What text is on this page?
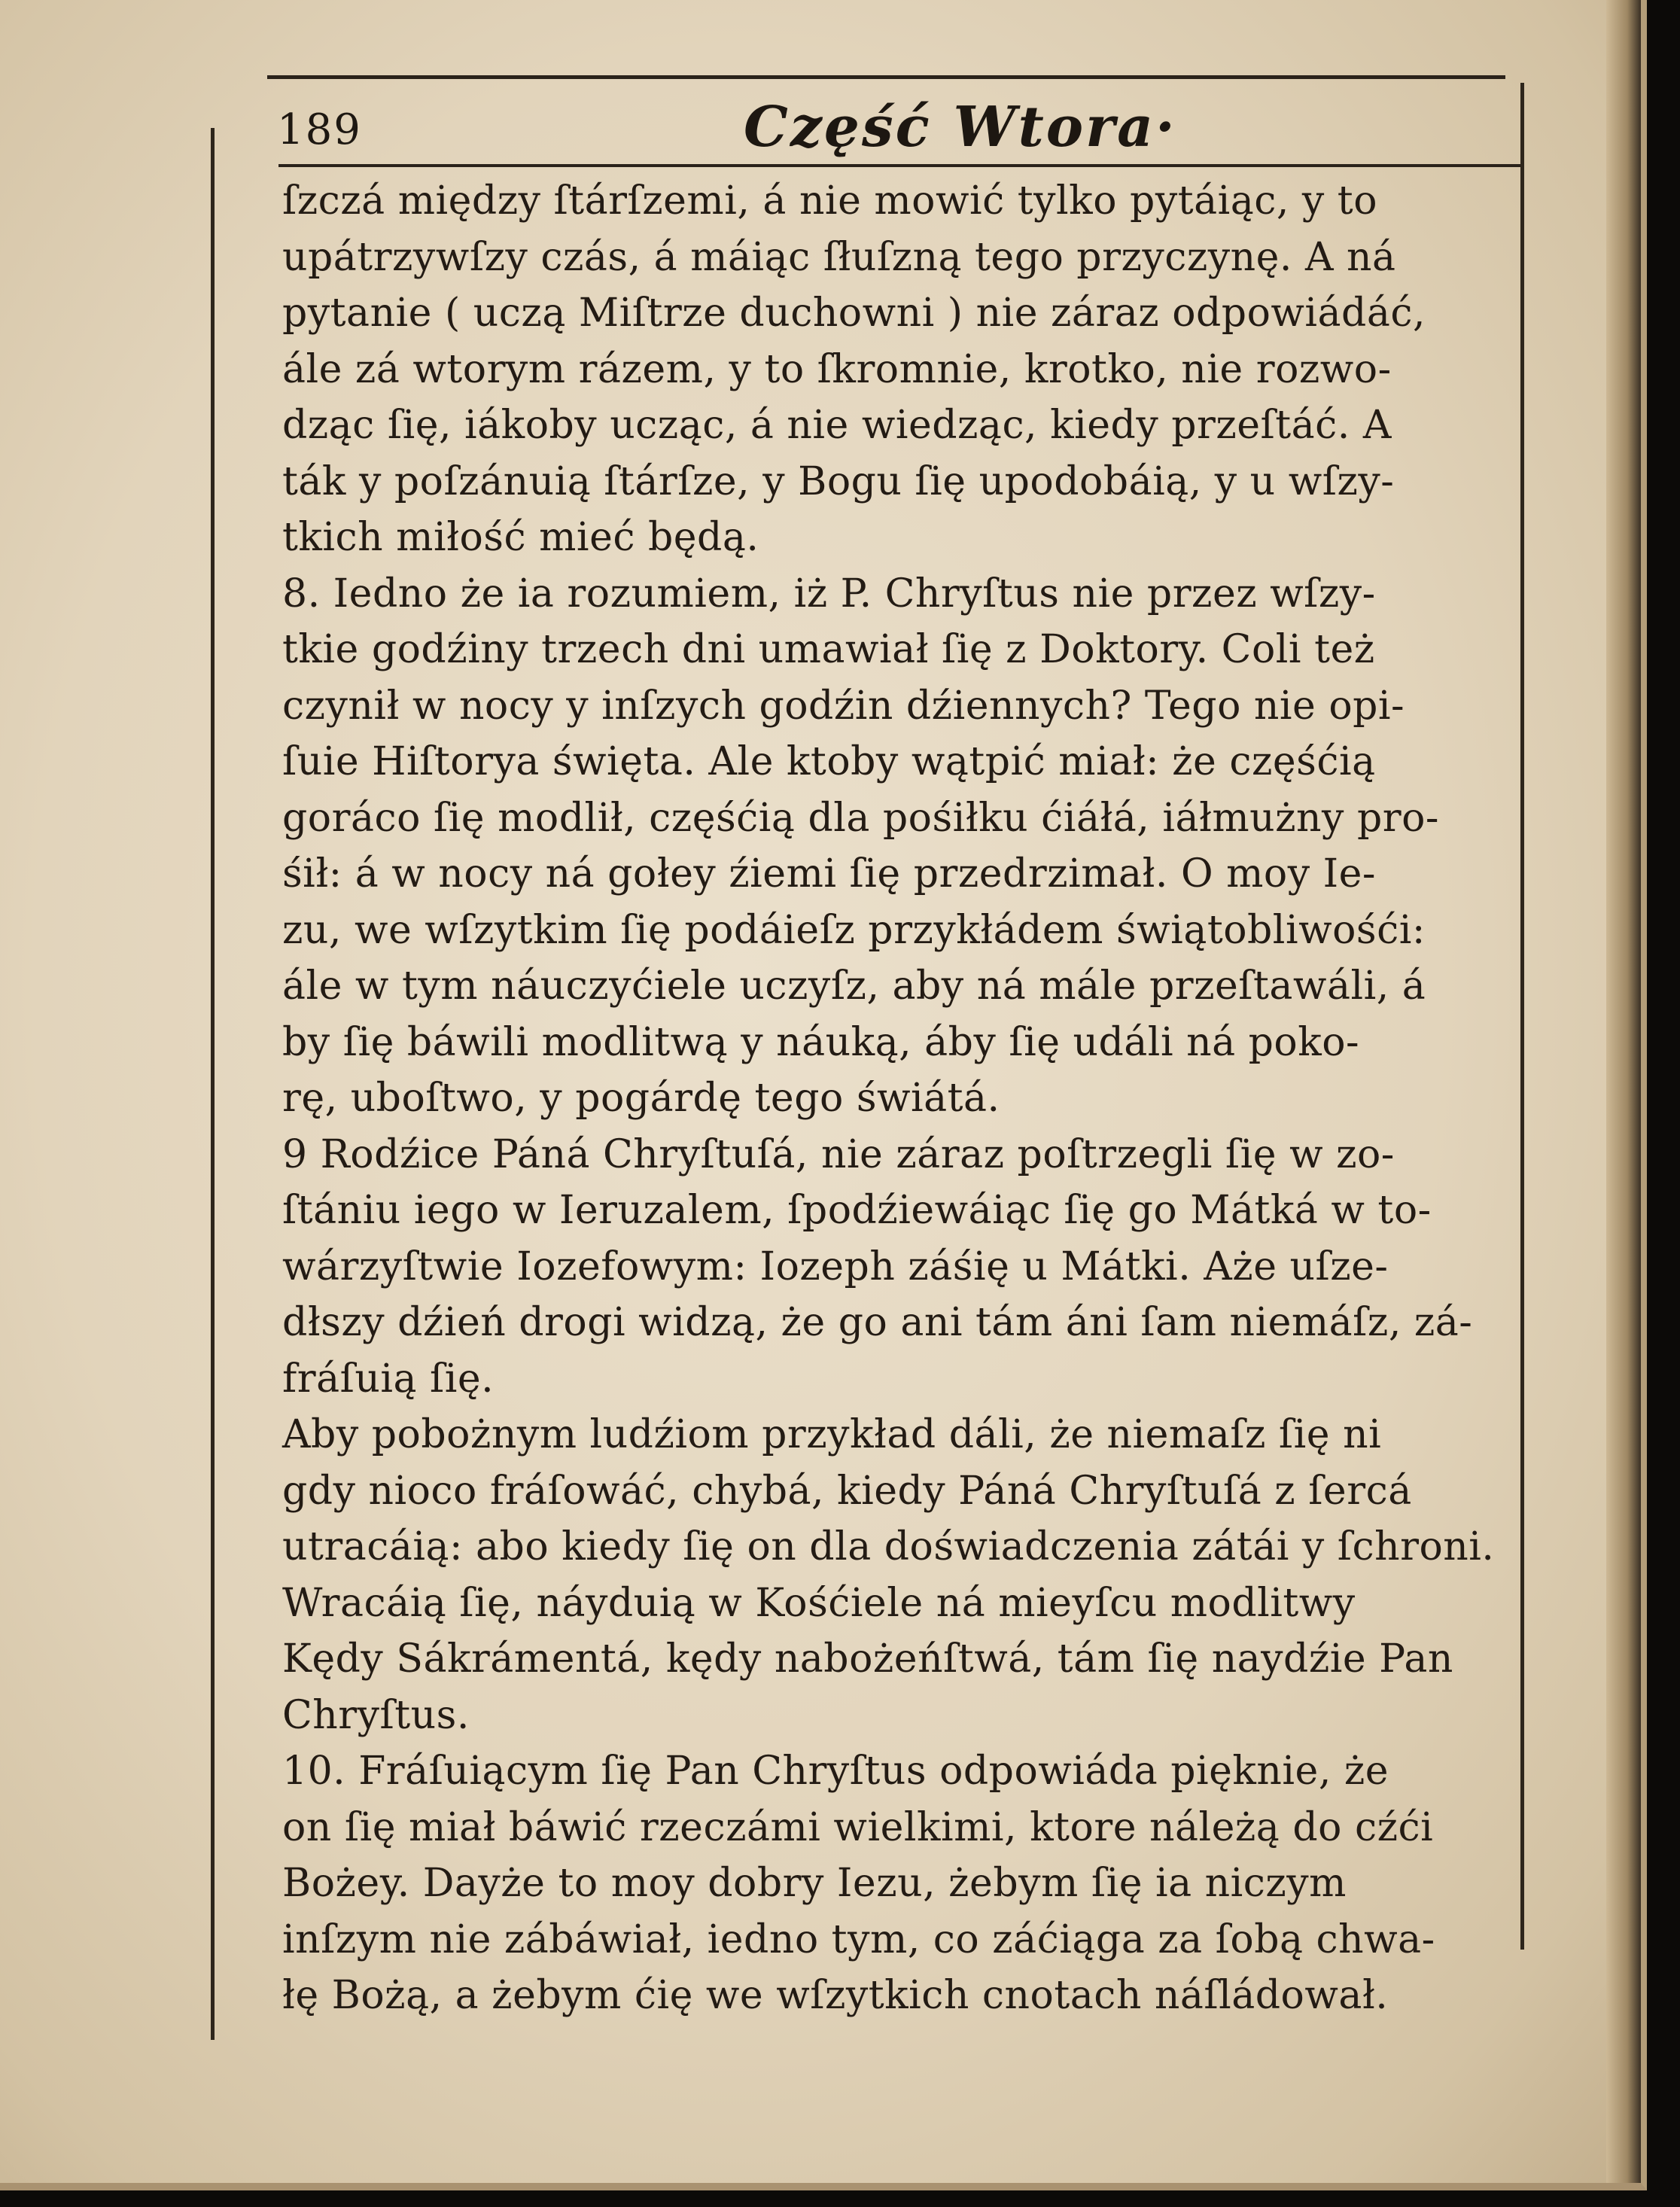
189	Część Wtora·
ſzczá między ſtárſzemi, á nie mowić tylko pytáiąc, y to
upátrzywſzy czás, á máiąc ſłuſzną tego przyczynę. A ná
pytanie ( uczą Miſtrze duchowni ) nie záraz odpowiádáć,
ále zá wtorym rázem, y to ſkromnie, krotko, nie rozwo-
dząc ſię, iákoby ucząc, á nie wiedząc, kiedy przeſtáć. A
ták y poſzánuią ſtárſze, y Bogu ſię upodobáią, y u wſzy-
tkich miłość mieć będą.
8. Iedno że ia rozumiem, iż P. Chryſtus nie przez wſzy-
tkie godźiny trzech dni umawiał ſię z Doktory. Coli też
czynił w nocy y inſzych godźin dźiennych? Tego nie opi-
ſuie Hiſtorya święta. Ale ktoby wątpić miał: że częśćią
goráco ſię modlił, częśćią dla pośiłku ćiáłá, iáłmużny pro-
śił: á w nocy ná gołey źiemi ſię przedrzimał. O moy Ie-
zu, we wſzytkim ſię podáieſz przykłádem świątobliwośći:
ále w tym náuczyćiele uczyſz, aby ná mále przeſtawáli, á
by ſię báwili modlitwą y náuką, áby ſię událi ná poko-
rę, uboſtwo, y pogárdę tego świátá.
9 Rodźice Páná Chryſtuſá, nie záraz poſtrzegli ſię w zo-
ſtániu iego w Ieruzalem, ſpodźiewáiąc ſię go Mátká w to-
wárzyſtwie Iozefowym: Iozeph záśię u Mátki. Aże uſze-
dłszy dźień drogi widzą, że go ani tám áni ſam niemáſz, zá-
fráſuią ſię.
Aby pobożnym ludźiom przykład dáli, że niemaſz ſię ni
gdy nioco fráſowáć, chybá, kiedy Páná Chryſtuſá z ſercá
utracáią: abo kiedy ſię on dla doświadczenia zátái y ſchroni.
Wracáią ſię, náyduią w Kośćiele ná mieyſcu modlitwy
Kędy Sákrámentá, kędy nabożeńſtwá, tám ſię naydźie Pan
Chryſtus.
10. Fráſuiącym ſię Pan Chryſtus odpowiáda pięknie, że
on ſię miał báwić rzeczámi wielkimi, ktore náleżą do cźći
Bożey. Dayże to moy dobry Iezu, żebym ſię ia niczym
inſzym nie zábáwiał, iedno tym, co záćiąga za ſobą chwa-
łę Bożą, a żebym ćię we wſzytkich cnotach náſládował.
